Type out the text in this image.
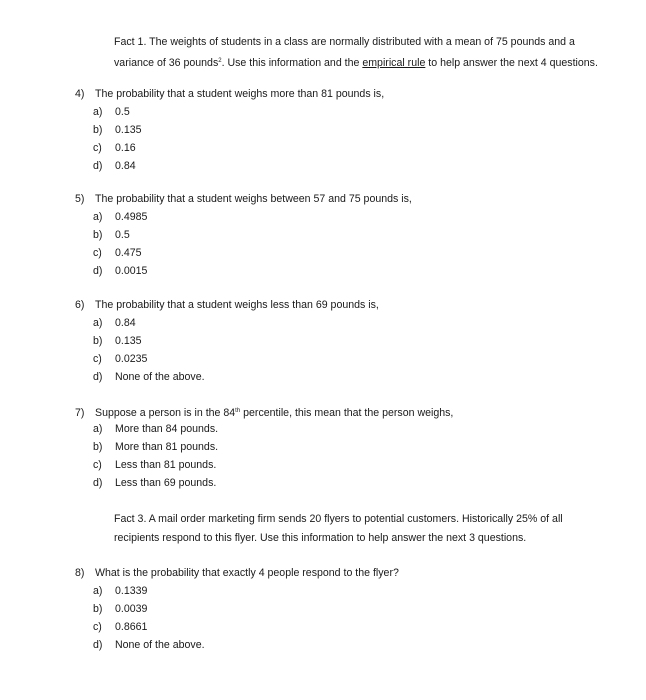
Fact 1. The weights of students in a class are normally distributed with a mean of 75 pounds and a variance of 36 pounds$^2$. Use this information and the empirical rule to help answer the next 4 questions.
4) The probability that a student weighs more than 81 pounds is,
a) 0.5
b) 0.135
c) 0.16
d) 0.84
5) The probability that a student weighs between 57 and 75 pounds is,
a) 0.4985
b) 0.5
c) 0.475
d) 0.0015
6) The probability that a student weighs less than 69 pounds is,
a) 0.84
b) 0.135
c) 0.0235
d) None of the above.
7) Suppose a person is in the 84th percentile, this mean that the person weighs,
a) More than 84 pounds.
b) More than 81 pounds.
c) Less than 81 pounds.
d) Less than 69 pounds.
Fact 3. A mail order marketing firm sends 20 flyers to potential customers. Historically 25% of all recipients respond to this flyer. Use this information to help answer the next 3 questions.
8) What is the probability that exactly 4 people respond to the flyer?
a) 0.1339
b) 0.0039
c) 0.8661
d) None of the above.
